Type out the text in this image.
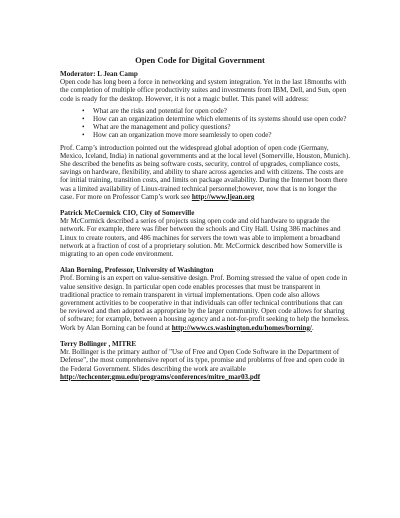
Open Code for Digital Government

Moderator: L Jean Camp

Open code has long been a force in networking and system integration. Yet in the last 18months with the completion of multiple office productivity suites and investments from IBM, Dell, and Sun, open code is ready for the desktop. However, it is not a magic bullet. This panel will address:

• What are the risks and potential for open code?
• How can an organization determine which elements of its systems should use open code?
• What are the management and policy questions?
• How can an organization move more seamlessly to open code?

Prof. Camp’s introduction pointed out the widespread global adoption of open code (Germany, Mexico, Iceland, India) in national governments and at the local level (Somerville, Houston, Munich). She described the benefits as being software costs, security, control of upgrades, compliance costs, savings on hardware, flexibility, and ability to share across agencies and with citizens. The costs are for initial training, transition costs, and limits on package availability. During the Internet boom there was a limited availability of Linux-trained technical personnel;however, now that is no longer the case. For more on Professor Camp’s work see http://www.ljean.org

Patrick McCormick CIO, City of Somerville

Mr McCormick described a series of projects using open code and old hardware to upgrade the network. For example, there was fiber between the schools and City Hall. Using 386 machines and Linux to create routers, and 486 machines for servers the town was able to implement a broadband network at a fraction of cost of a proprietary solution. Mr. McCormick described how Somerville is migrating to an open code environment.

Alan Borning, Professor, University of Washington

Prof. Borning is an expert on value-sensitive design. Prof. Borning stressed the value of open code in value sensitive design. In particular open code enables processes that must be transparent in traditional practice to remain transparent in virtual implementations. Open code also allows government activities to be cooperative in that individuals can offer technical contributions that can be reviewed and then adopted as appropriate by the larger community. Open code allows for sharing of software; for example, between a housing agency and a not-for-profit seeking to help the homeless.

Work by Alan Borning can be found at http://www.cs.washington.edu/homes/borning/.

Terry Bollinger , MITRE

Mr. Bollinger is the primary author of "Use of Free and Open Code Software in the Department of Defense", the most comprehensive report of its type, promise and problems of free and open code in the Federal Government. Slides describing the work are available http://techcenter.gmu.edu/programs/conferences/mitre_mar03.pdf
